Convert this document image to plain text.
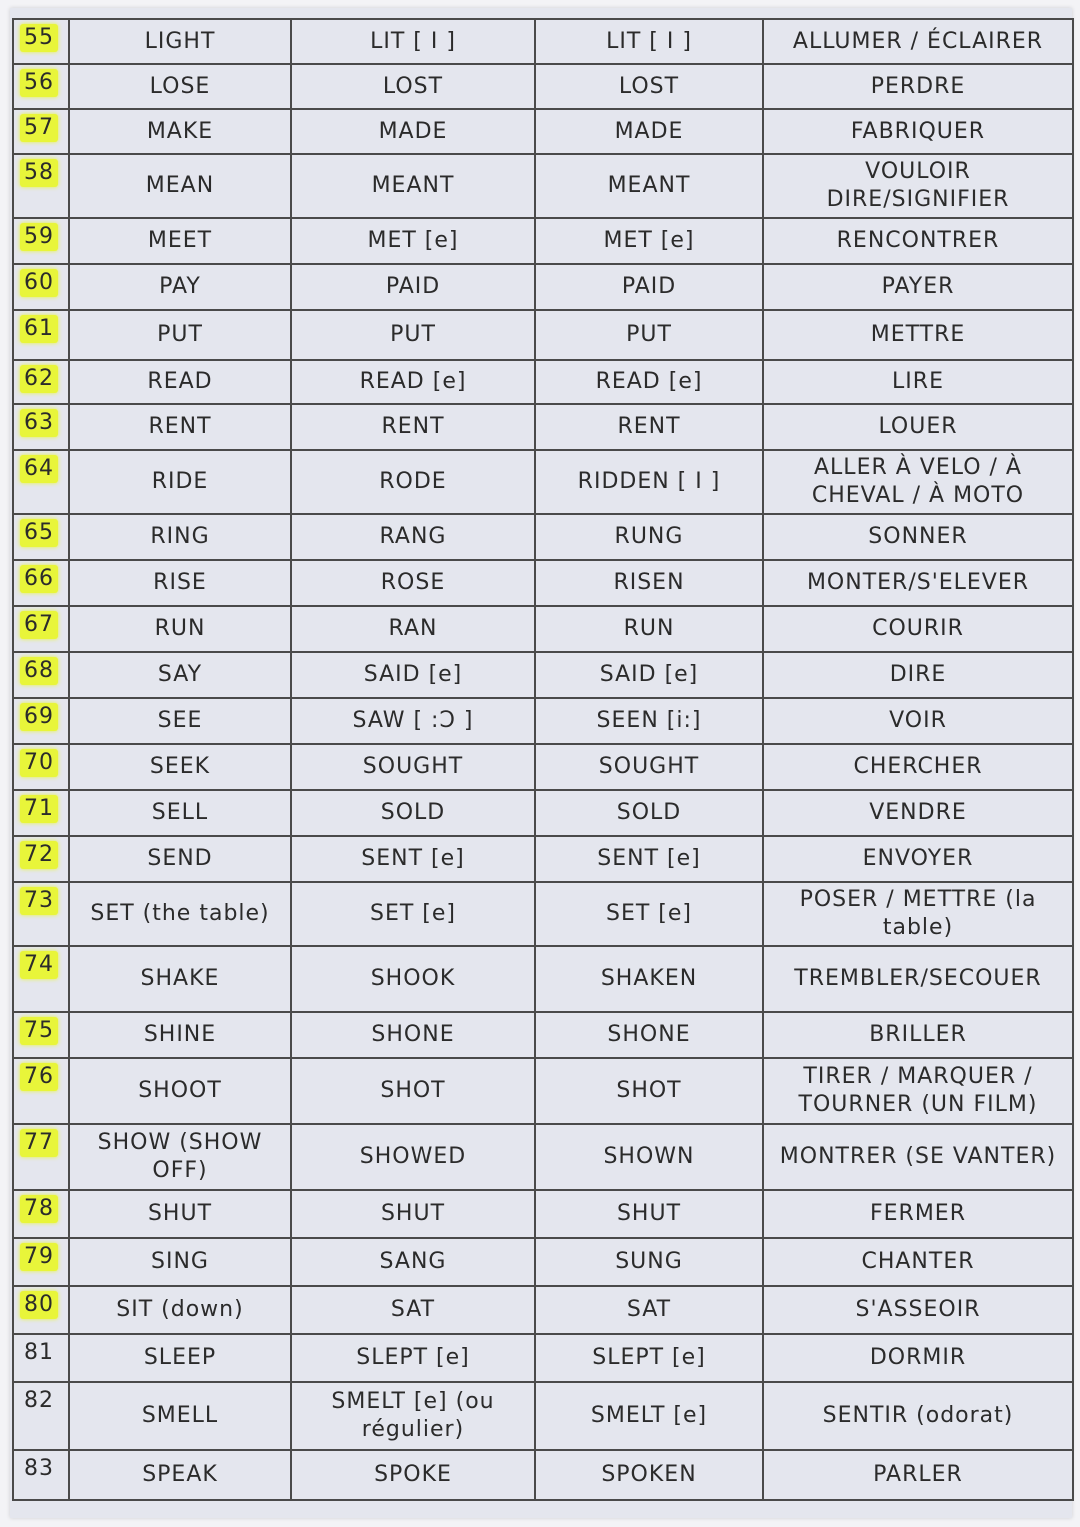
55	LIGHT	LIT [ I ]	LIT [ I ]	ALLUMER / ÉCLAIRER
56	LOSE	LOST	LOST	PERDRE
57	MAKE	MADE	MADE	FABRIQUER
58	MEAN	MEANT	MEANT	VOULOIR DIRE/SIGNIFIER
59	MEET	MET [e]	MET [e]	RENCONTRER
60	PAY	PAID	PAID	PAYER
61	PUT	PUT	PUT	METTRE
62	READ	READ [e]	READ [e]	LIRE
63	RENT	RENT	RENT	LOUER
64	RIDE	RODE	RIDDEN [ I ]	ALLER À VELO / À CHEVAL / À MOTO
65	RING	RANG	RUNG	SONNER
66	RISE	ROSE	RISEN	MONTER/S'ELEVER
67	RUN	RAN	RUN	COURIR
68	SAY	SAID [e]	SAID [e]	DIRE
69	SEE	SAW [ :Ɔ ]	SEEN [i:]	VOIR
70	SEEK	SOUGHT	SOUGHT	CHERCHER
71	SELL	SOLD	SOLD	VENDRE
72	SEND	SENT [e]	SENT [e]	ENVOYER
73	SET (the table)	SET [e]	SET [e]	POSER / METTRE (la table)
74	SHAKE	SHOOK	SHAKEN	TREMBLER/SECOUER
75	SHINE	SHONE	SHONE	BRILLER
76	SHOOT	SHOT	SHOT	TIRER / MARQUER / TOURNER (UN FILM)
77	SHOW (SHOW OFF)	SHOWED	SHOWN	MONTRER (SE VANTER)
78	SHUT	SHUT	SHUT	FERMER
79	SING	SANG	SUNG	CHANTER
80	SIT (down)	SAT	SAT	S'ASSEOIR
81	SLEEP	SLEPT [e]	SLEPT [e]	DORMIR
82	SMELL	SMELT [e] (ou régulier)	SMELT [e]	SENTIR (odorat)
83	SPEAK	SPOKE	SPOKEN	PARLER
